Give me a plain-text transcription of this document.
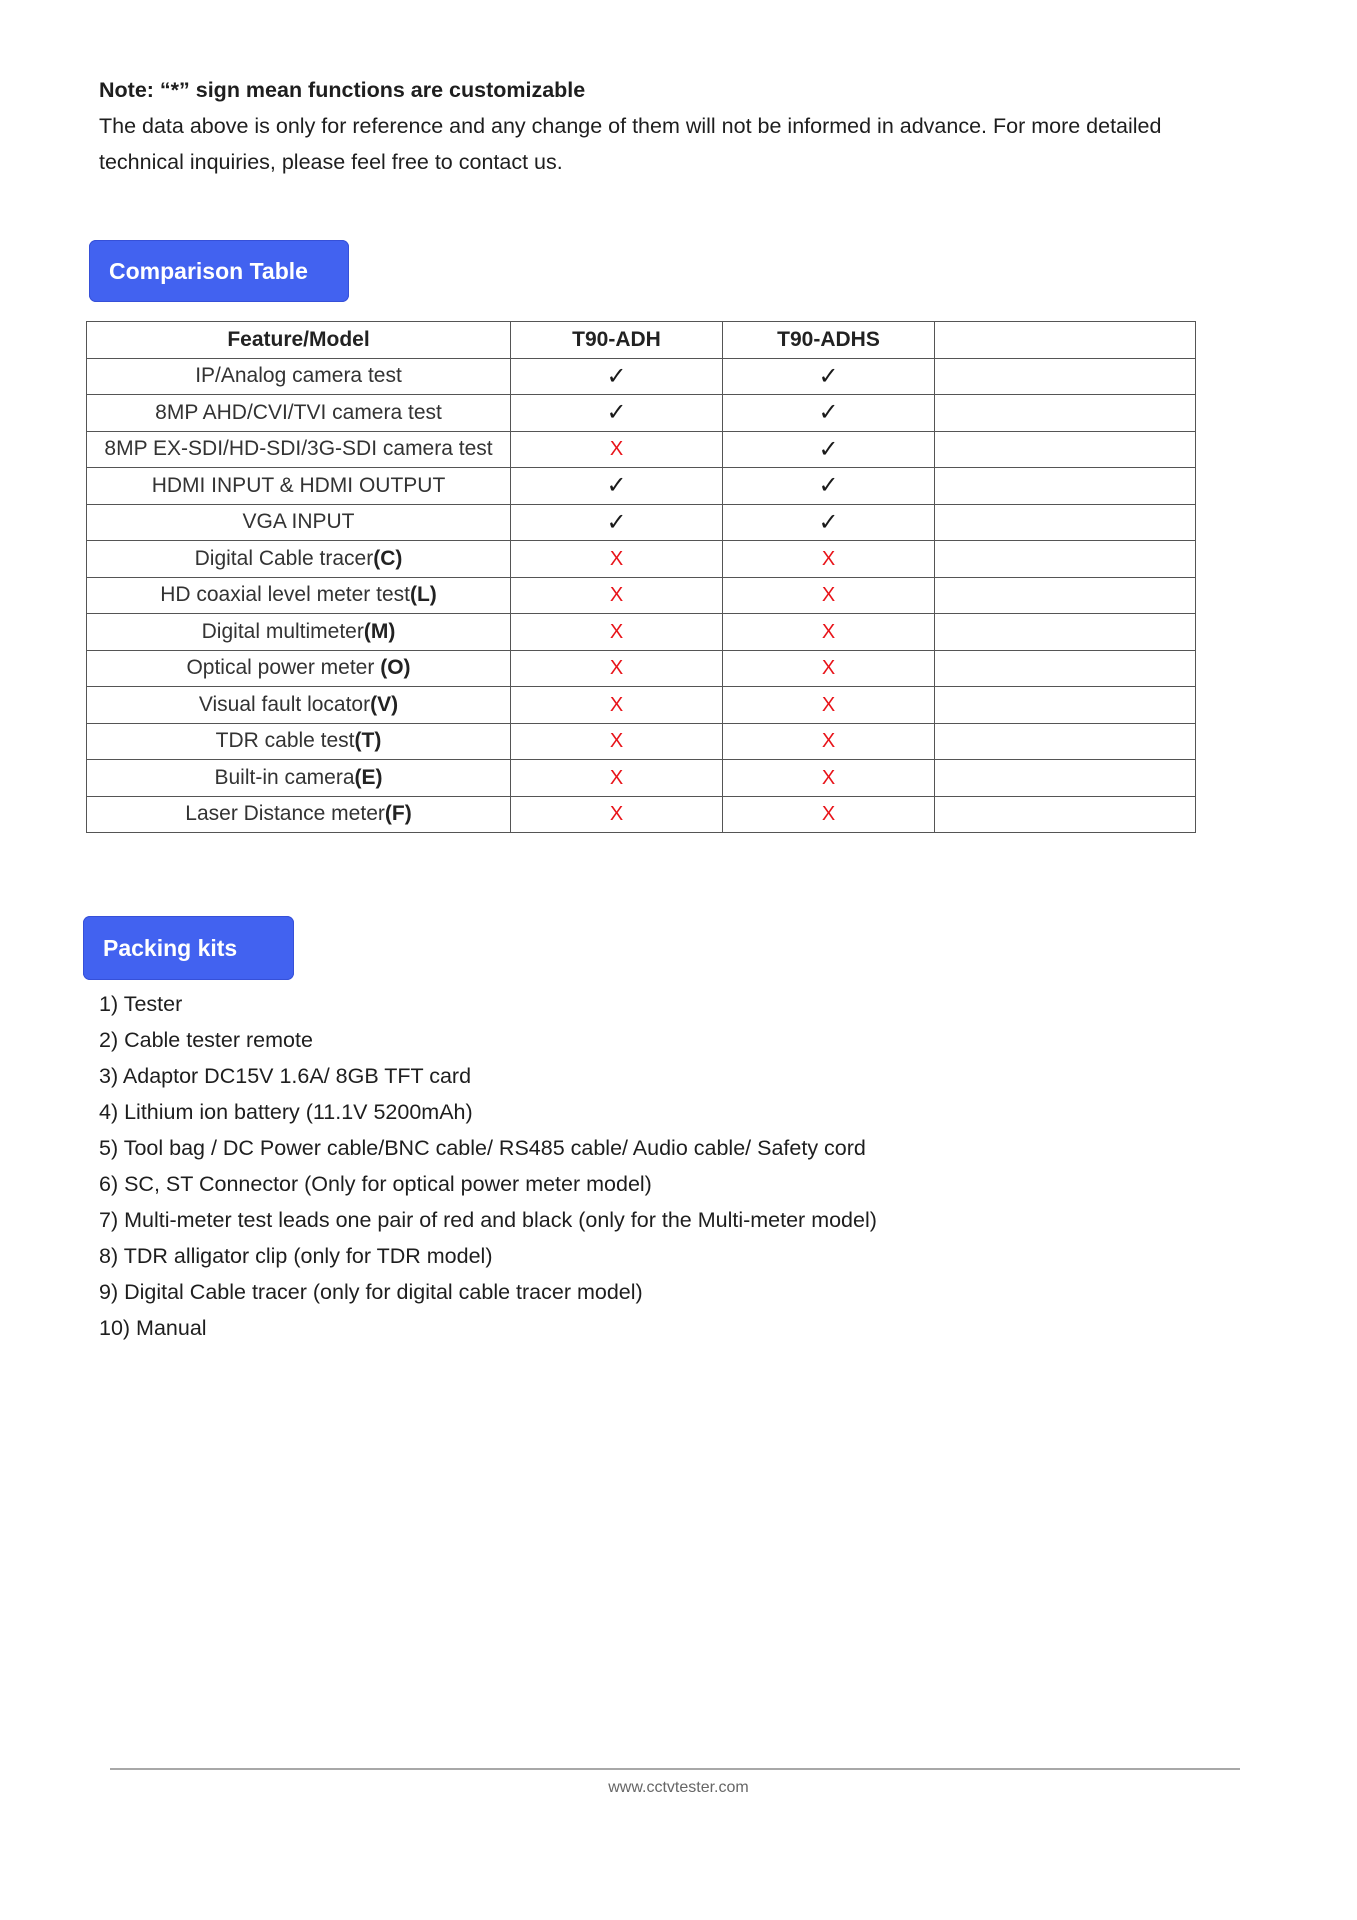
Note: “*” sign mean functions are customizable
The data above is only for reference and any change of them will not be informed in advance. For more detailed technical inquiries, please feel free to contact us.
Comparison Table
Feature/Model	T90-ADH	T90-ADHS	
IP/Analog camera test	✓	✓	
8MP AHD/CVI/TVI camera test	✓	✓	
8MP EX-SDI/HD-SDI/3G-SDI camera test	X	✓	
HDMI INPUT & HDMI OUTPUT	✓	✓	
VGA INPUT	✓	✓	
Digital Cable tracer(C)	X	X	
HD coaxial level meter test(L)	X	X	
Digital multimeter(M)	X	X	
Optical power meter (O)	X	X	
Visual fault locator(V)	X	X	
TDR cable test(T)	X	X	
Built-in camera(E)	X	X	
Laser Distance meter(F)	X	X	
Packing kits
1) Tester
2) Cable tester remote
3) Adaptor DC15V 1.6A/ 8GB TFT card
4) Lithium ion battery (11.1V 5200mAh)
5) Tool bag / DC Power cable/BNC cable/ RS485 cable/ Audio cable/ Safety cord
6) SC, ST Connector (Only for optical power meter model)
7) Multi-meter test leads one pair of red and black (only for the Multi-meter model)
8) TDR alligator clip (only for TDR model)
9) Digital Cable tracer (only for digital cable tracer model)
10) Manual
www.cctvtester.com
